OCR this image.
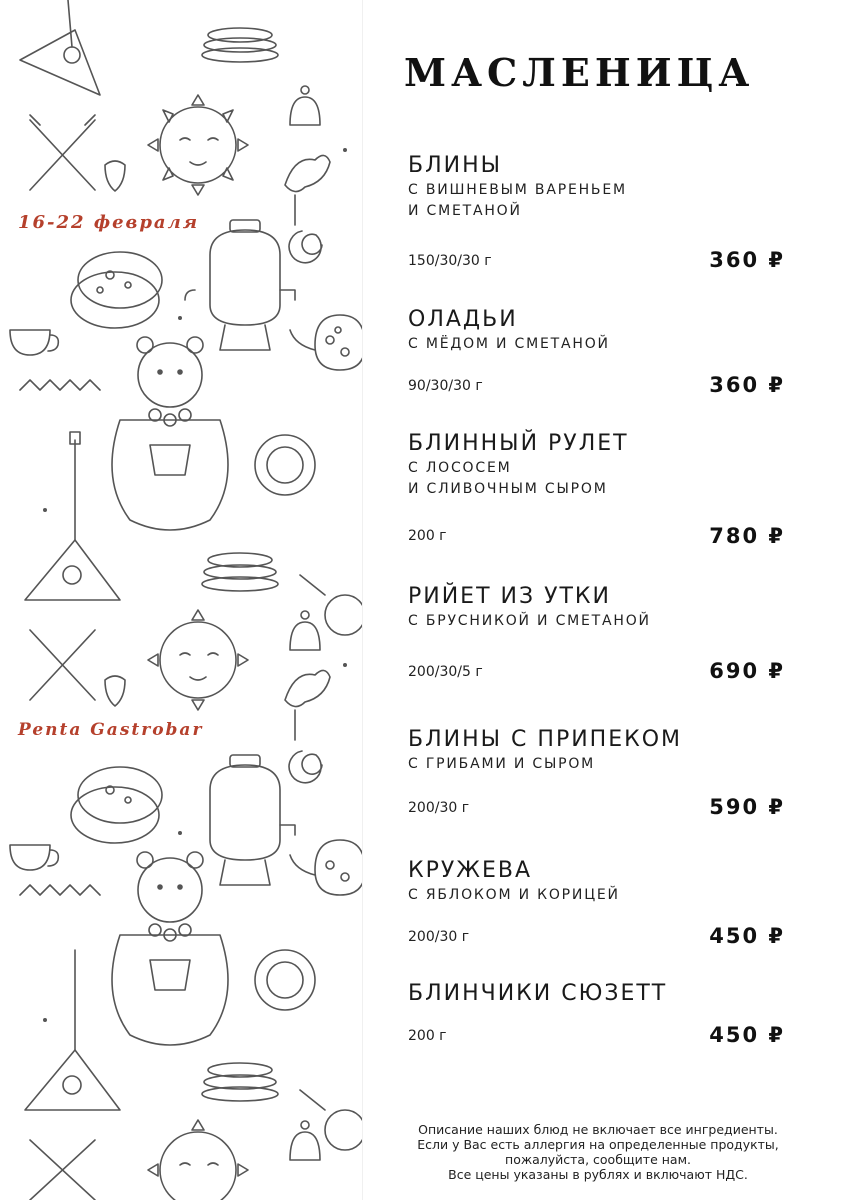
16-22 февраля
Penta Gastrobar
МАСЛЕНИЦА
БЛИНЫ
С ВИШНЕВЫМ ВАРЕНЬЕМ
И СМЕТАНОЙ
150/30/30 г	360 ₽
ОЛАДЬИ
С МЁДОМ И СМЕТАНОЙ
90/30/30 г	360 ₽
БЛИННЫЙ РУЛЕТ
С ЛОСОСЕМ
И СЛИВОЧНЫМ СЫРОМ
200 г	780 ₽
РИЙЕТ ИЗ УТКИ
С БРУСНИКОЙ И СМЕТАНОЙ
200/30/5 г	690 ₽
БЛИНЫ С ПРИПЕКОМ
С ГРИБАМИ И СЫРОМ
200/30 г	590 ₽
КРУЖЕВА
С ЯБЛОКОМ И КОРИЦЕЙ
200/30 г	450 ₽
БЛИНЧИКИ СЮЗЕТТ
200 г	450 ₽
Описание наших блюд не включает все ингредиенты.
Если у Вас есть аллергия на определенные продукты,
пожалуйста, сообщите нам.
Все цены указаны в рублях и включают НДС.
